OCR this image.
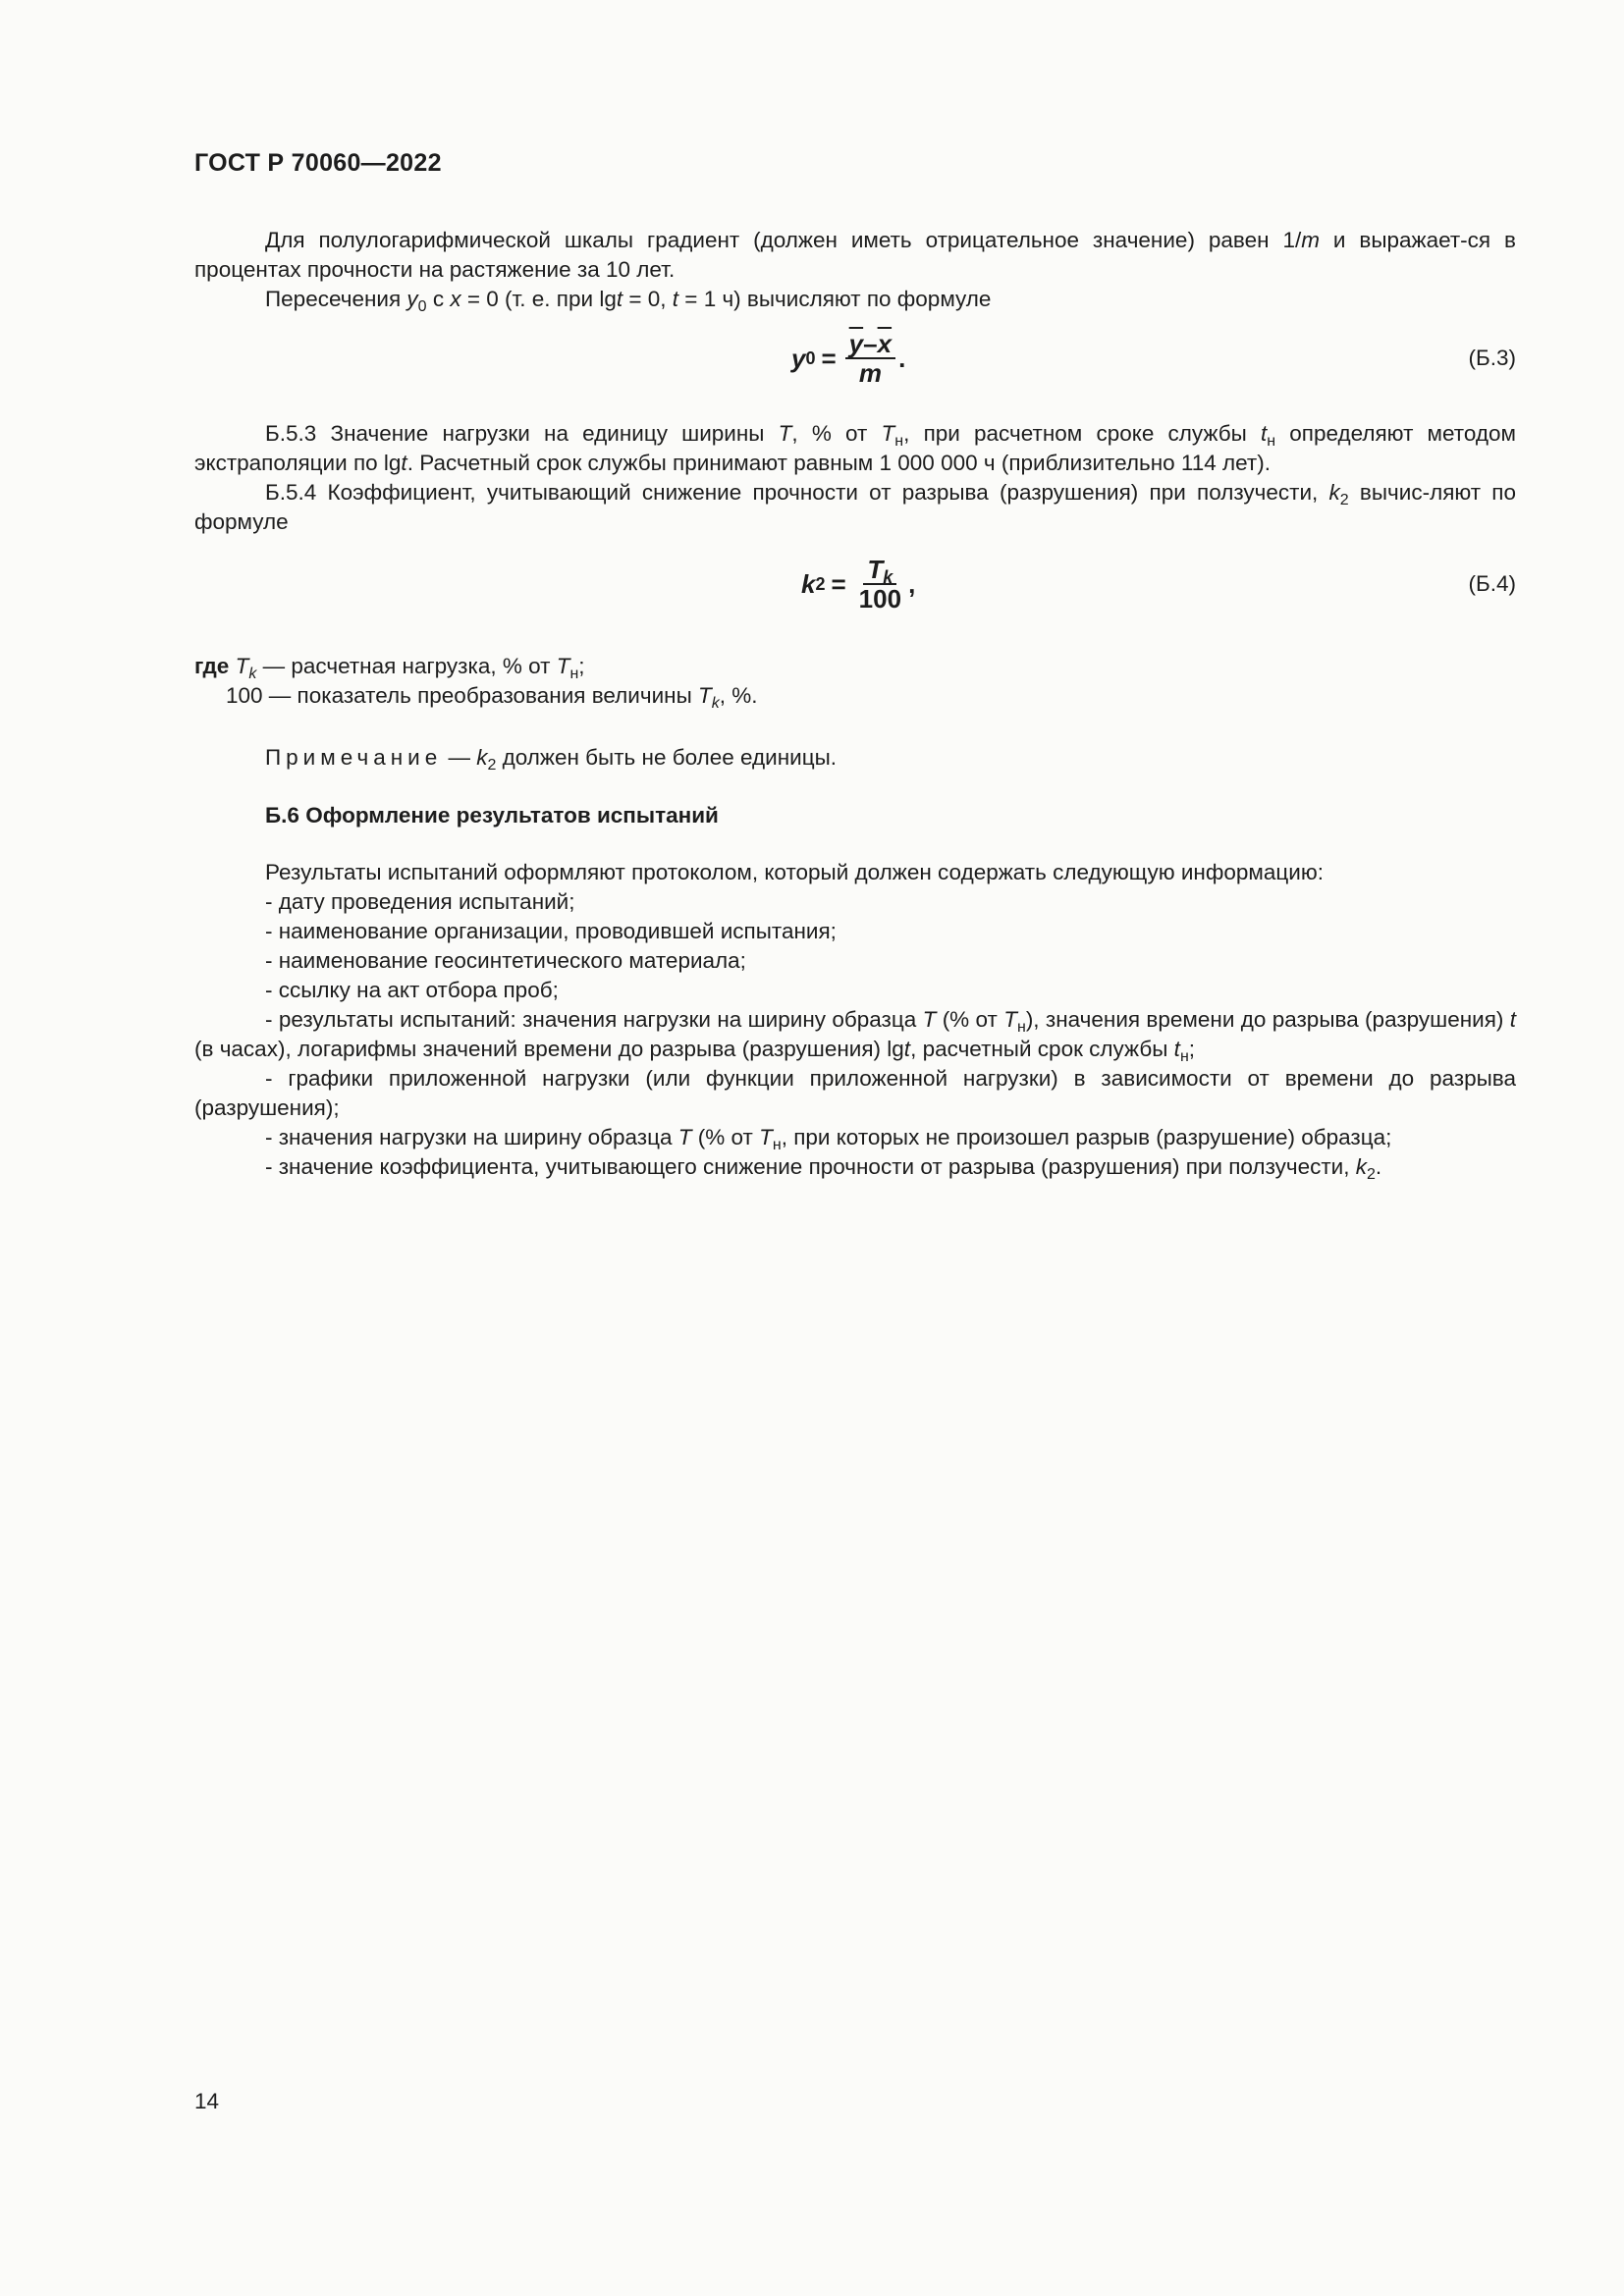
ГОСТ Р 70060—2022

Для полулогарифмической шкалы градиент (должен иметь отрицательное значение) равен 1/m и выражает-ся в процентах прочности на растяжение за 10 лет.

Пересечения $y_0$ с x = 0 (т. е. при lgt = 0, t = 1 ч) вычисляют по формуле

y $0 = \frac{\overline{y}-\overline{x}}{m}$ .	(Б.3)

Б.5.3 Значение нагрузки на единицу ширины T, % от $T_н$, при расчетном сроке службы $t_н$ определяют методом экстраполяции по lgt. Расчетный срок службы принимают равным 1 000 000 ч (приблизительно 114 лет).

Б.5.4 Коэффициент, учитывающий снижение прочности от разрыва (разрушения) при ползучести, $k_2$ вычис-ляют по формуле

k $2 = \frac{T_k}{100}$ ,	(Б.4)

где $T_k$ — расчетная нагрузка, % от $T_н$;

100 — показатель преобразования величины $T_k$, %.

Примечание — $k_2$ должен быть не более единицы.

Б.6 Оформление результатов испытаний

Результаты испытаний оформляют протоколом, который должен содержать следующую информацию:

- дату проведения испытаний;

- наименование организации, проводившей испытания;

- наименование геосинтетического материала;

- ссылку на акт отбора проб;

- результаты испытаний: значения нагрузки на ширину образца T (% от $T_н$), значения времени до разрыва (разрушения) t (в часах), логарифмы значений времени до разрыва (разрушения) lgt, расчетный срок службы $t_н$;

- графики приложенной нагрузки (или функции приложенной нагрузки) в зависимости от времени до разрыва (разрушения);

- значения нагрузки на ширину образца T (% от $T_н$, при которых не произошел разрыв (разрушение) образца;

- значение коэффициента, учитывающего снижение прочности от разрыва (разрушения) при ползучести, $k_2$.

14
